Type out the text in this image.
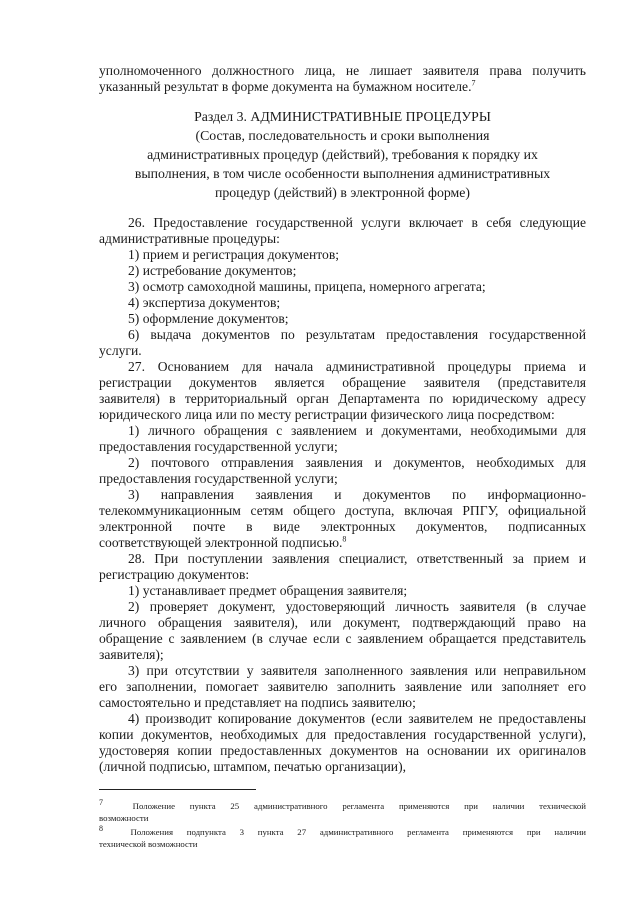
уполномоченного должностного лица, не лишает заявителя права получить
указанный результат в форме документа на бумажном носителе.$^7$
Раздел 3. АДМИНИСТРАТИВНЫЕ ПРОЦЕДУРЫ
(Состав, последовательность и сроки выполнения
административных процедур (действий), требования к порядку их
выполнения, в том числе особенности выполнения административных
процедур (действий) в электронной форме)
26. Предоставление государственной услуги включает в себя следующие
административные процедуры:
1) прием и регистрация документов;
2) истребование документов;
3) осмотр самоходной машины, прицепа, номерного агрегата;
4) экспертиза документов;
5) оформление документов;
6) выдача документов по результатам предоставления государственной
услуги.
27. Основанием для начала административной процедуры приема и
регистрации документов является обращение заявителя (представителя
заявителя) в территориальный орган Департамента по юридическому адресу
юридического лица или по месту регистрации физического лица посредством:
1) личного обращения с заявлением и документами, необходимыми для
предоставления государственной услуги;
2) почтового отправления заявления и документов, необходимых для
предоставления государственной услуги;
3) направления заявления и документов по информационно-
телекоммуникационным сетям общего доступа, включая РПГУ, официальной
электронной почте в виде электронных документов, подписанных
соответствующей электронной подписью.$^8$
28. При поступлении заявления специалист, ответственный за прием и
регистрацию документов:
1) устанавливает предмет обращения заявителя;
2) проверяет документ, удостоверяющий личность заявителя (в случае
личного обращения заявителя), или документ, подтверждающий право на
обращение с заявлением (в случае если с заявлением обращается представитель
заявителя);
3) при отсутствии у заявителя заполненного заявления или неправильном
его заполнении, помогает заявителю заполнить заявление или заполняет его
самостоятельно и представляет на подпись заявителю;
4) производит копирование документов (если заявителем не предоставлены
копии документов, необходимых для предоставления государственной услуги),
удостоверяя копии предоставленных документов на основании их оригиналов
(личной подписью, штампом, печатью организации),
$^7$	Положение пункта 25 административного регламента применяются при наличии технической
возможности
$^8$	Положения подпункта 3 пункта 27 административного регламента применяются при наличии
технической возможности
